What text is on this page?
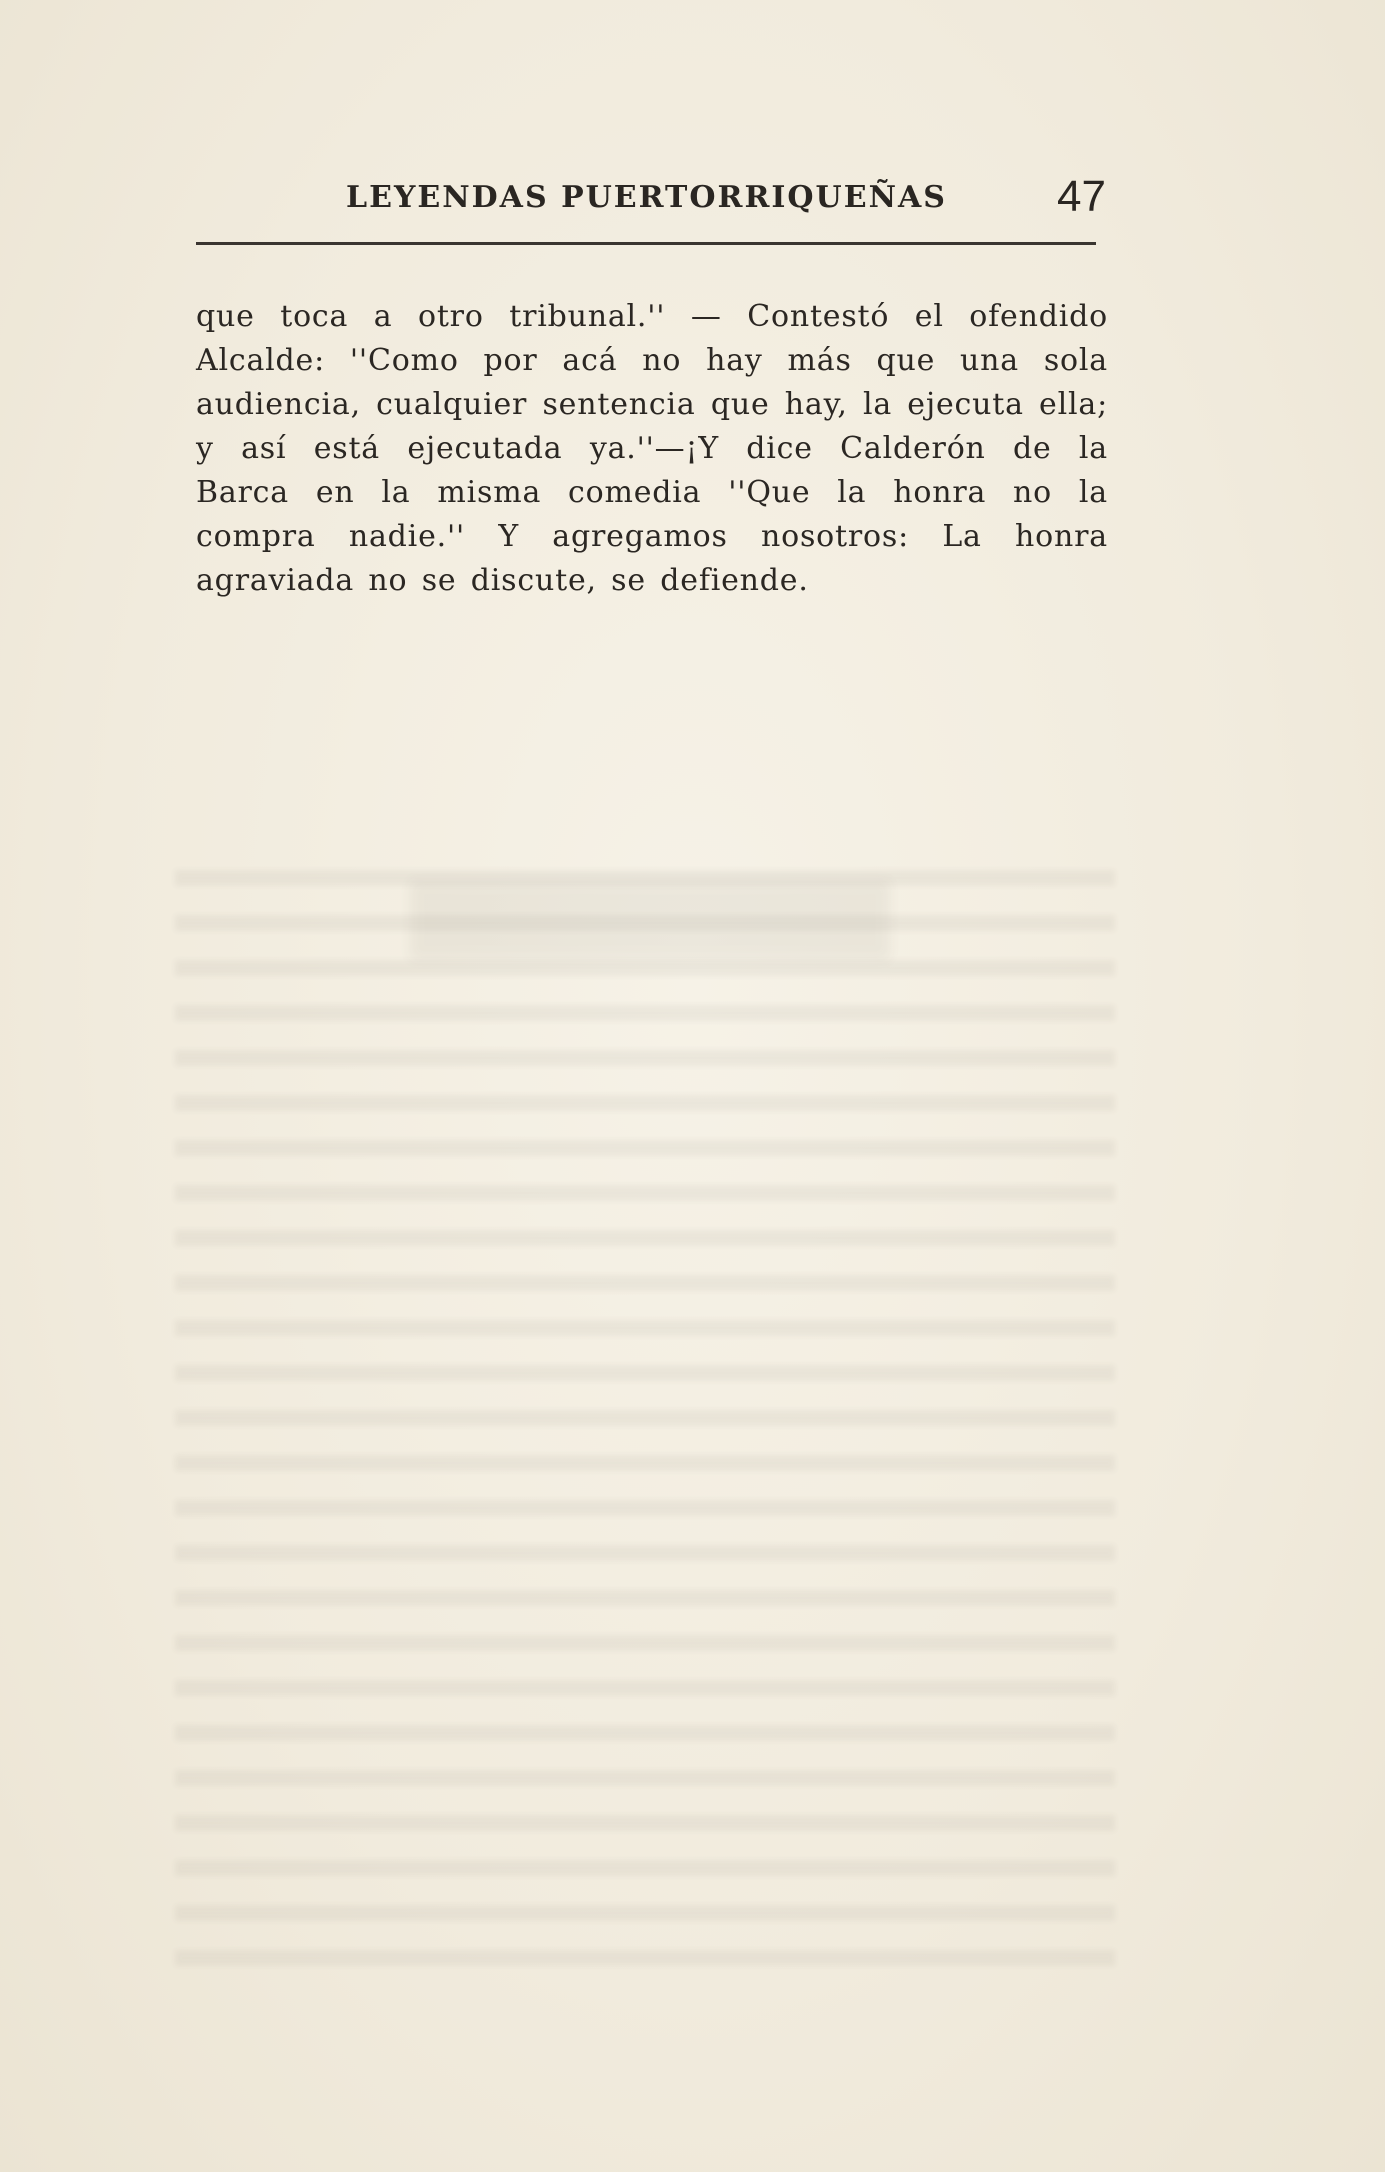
LEYENDAS PUERTORRIQUEÑAS	47
que toca a otro tribunal.'' — Contestó el ofendido Alcalde: ''Como por acá no hay más que una sola audiencia, cualquier sentencia que hay, la ejecuta ella; y así está ejecutada ya.''—¡Y dice Calderón de la Barca en la misma comedia ''Que la honra no la compra nadie.'' Y agregamos nosotros: La honra agraviada no se discute, se defiende.
